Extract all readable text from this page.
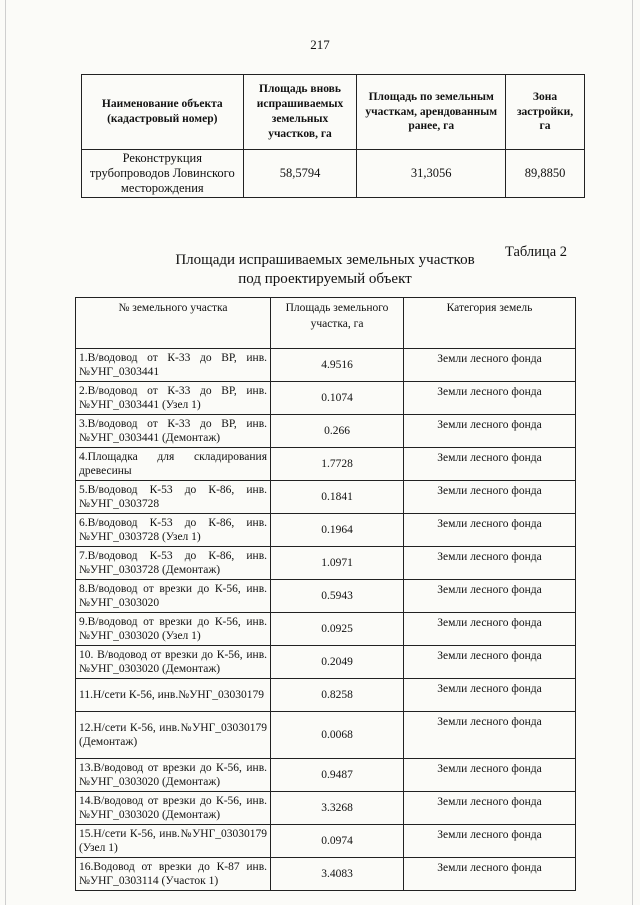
217
Наименование объекта (кадастровый номер)	Площадь вновь испрашиваемых земельных участков, га	Площадь по земельным участкам, арендованным ранее, га	Зона застройки, га
Реконструкция трубопроводов Ловинского месторождения	58,5794	31,3056	89,8850
Таблица 2
Площади испрашиваемых земельных участков
под проектируемый объект
№ земельного участка	Площадь земельного участка, га	Категория земель
1.В/водовод от К-33 до ВР, инв.№УНГ_0303441	4.9516	Земли лесного фонда
2.В/водовод от К-33 до ВР, инв.№УНГ_0303441 (Узел 1)	0.1074	Земли лесного фонда
3.В/водовод от К-33 до ВР, инв.№УНГ_0303441 (Демонтаж)	0.266	Земли лесного фонда
4.Площадка для складирования древесины	1.7728	Земли лесного фонда
5.В/водовод К-53 до К-86, инв.№УНГ_0303728	0.1841	Земли лесного фонда
6.В/водовод К-53 до К-86, инв.№УНГ_0303728 (Узел 1)	0.1964	Земли лесного фонда
7.В/водовод К-53 до К-86, инв.№УНГ_0303728 (Демонтаж)	1.0971	Земли лесного фонда
8.В/водовод от врезки до К-56, инв.№УНГ_0303020	0.5943	Земли лесного фонда
9.В/водовод от врезки до К-56, инв.№УНГ_0303020 (Узел 1)	0.0925	Земли лесного фонда
10. В/водовод от врезки до К-56, инв.№УНГ_0303020 (Демонтаж)	0.2049	Земли лесного фонда
11.Н/сети К-56, инв.№УНГ_03030179	0.8258	Земли лесного фонда
12.Н/сети К-56, инв.№УНГ_03030179 (Демонтаж)	0.0068	Земли лесного фонда
13.В/водовод от врезки до К-56, инв.№УНГ_0303020 (Демонтаж)	0.9487	Земли лесного фонда
14.В/водовод от врезки до К-56, инв.№УНГ_0303020 (Демонтаж)	3.3268	Земли лесного фонда
15.Н/сети К-56, инв.№УНГ_03030179 (Узел 1)	0.0974	Земли лесного фонда
16.Водовод от врезки до К-87 инв.№УНГ_0303114 (Участок 1)	3.4083	Земли лесного фонда
